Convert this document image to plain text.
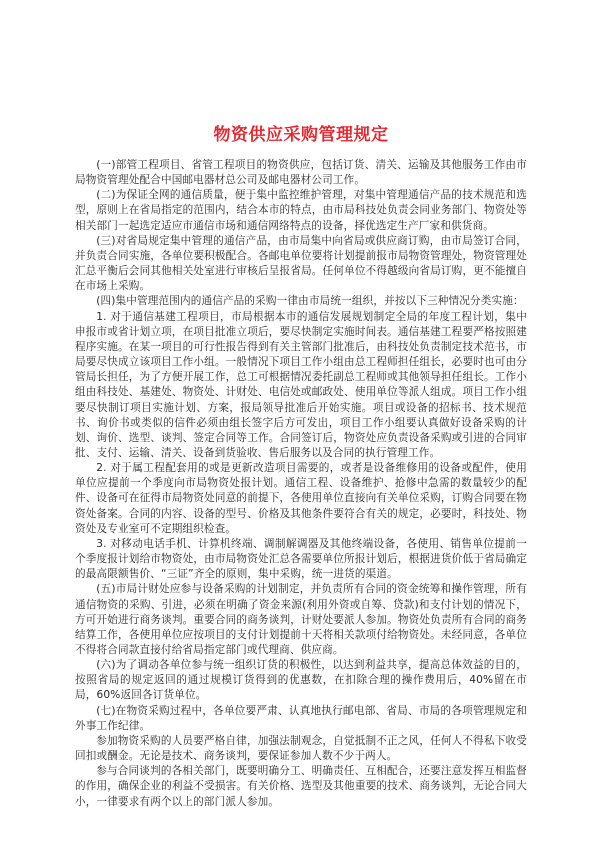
物资供应采购管理规定

(一)部管工程项目、省管工程项目的物资供应，包括订货、清关、运输及其他服务工作由市局物资管理处配合中国邮电器材总公司及邮电器材公司工作。

(二)为保证全网的通信质量，便于集中监控维护管理，对集中管理通信产品的技术规范和选型，原则上在省局指定的范围内，结合本市的特点，由市局科技处负责会同业务部门、物资处等相关部门一起选定适应市通信市场和通信网络特点的设备，择优选定生产厂家和供货商。

(三)对省局规定集中管理的通信产品，由市局集中向省局或供应商订购，由市局签订合同，并负责合同实施，各单位要积极配合。各邮电单位要将计划提前报市局物资管理处，物资管理处汇总平衡后会同其他相关处室进行审核后呈报省局。任何单位不得越级向省局订购，更不能擅自在市场上采购。

(四)集中管理范围内的通信产品的采购一律由市局统一组织，并按以下三种情况分类实施：

1. 对于通信基建工程项目，市局根据本市的通信发展规划制定全局的年度工程计划，集中申报市或省计划立项，在项目批准立项后，要尽快制定实施时间表。通信基建工程要严格按照建程序实施。在某一项目的可行性报告得到有关主管部门批准后，由科技处负责制定技术范书，市局要尽快成立该项目工作小组。一般情况下项目工作小组由总工程师担任组长，必要时也可由分管局长担任，为了方便开展工作，总工可根据情况委托副总工程师或其他领导担任组长。工作小组由科技处、基建处、物资处、计财处、电信处或邮政处、使用单位等派人组成。项目工作小组要尽快制订项目实施计划、方案，报局领导批准后开始实施。项目或设备的招标书、技术规范书、询价书或类似的信件必须由组长签字后方可发出，项目工作小组要认真做好设备采购的计划、询价、选型、谈判、签定合同等工作。合同签订后，物资处应负责设备采购或引进的合同审批、支付、运输、清关、设备到货验收、售后服务以及合同的执行管理工作。

2. 对于属工程配套用的或是更新改造项目需要的，或者是设备维修用的设备或配件，使用单位应提前一个季度向市局物资处报计划。通信工程、设备维护、抢修中急需的数量较少的配件、设备可在征得市局物资处同意的前提下，各使用单位直接向有关单位采购，订购合同要在物资处备案。合同的内容、设备的型号、价格及其他条件要符合有关的规定，必要时，科技处、物资处及专业室可不定期组织检查。

3. 对移动电话手机、计算机终端、调制解调器及其他终端设备，各使用、销售单位提前一个季度报计划给市物资处，由市局物资处汇总各需要单位所报计划后，根据进货价低于省局确定的最高限额售价、“三证”齐全的原则，集中采购，统一进货的渠道。

(五)市局计财处应参与设备采购的计划制定，并负责所有合同的资金统筹和操作管理，所有通信物资的采购、引进，必须在明确了资金来源(利用外资或自筹、贷款)和支付计划的情况下，方可开始进行商务谈判。重要合同的商务谈判，计财处要派人参加。物资处负责所有合同的商务结算工作，各使用单位应按项目的支付计划提前十天将相关款项付给物资处。未经同意，各单位不得将合同款直接付给省局指定部门或代理商、供应商。

(六)为了调动各单位参与统一组织订货的积极性，以达到利益共享，提高总体效益的目的，按照省局的规定返回的通过规模订货得到的优惠数，在扣除合理的操作费用后，40%留在市局，60%返回各订货单位。

(七)在物资采购过程中，各单位要严肃、认真地执行邮电部、省局、市局的各项管理规定和外事工作纪律。

参加物资采购的人员要严格自律，加强法制观念，自觉抵制不正之风，任何人不得私下收受回扣或酬金。无论是技术、商务谈判，要保证参加人数不少于两人。

参与合同谈判的各相关部门，既要明确分工、明确责任、互相配合，还要注意发挥互相监督的作用，确保企业的利益不受损害。有关价格、选型及其他重要的技术、商务谈判，无论合同大小，一律要求有两个以上的部门派人参加。
